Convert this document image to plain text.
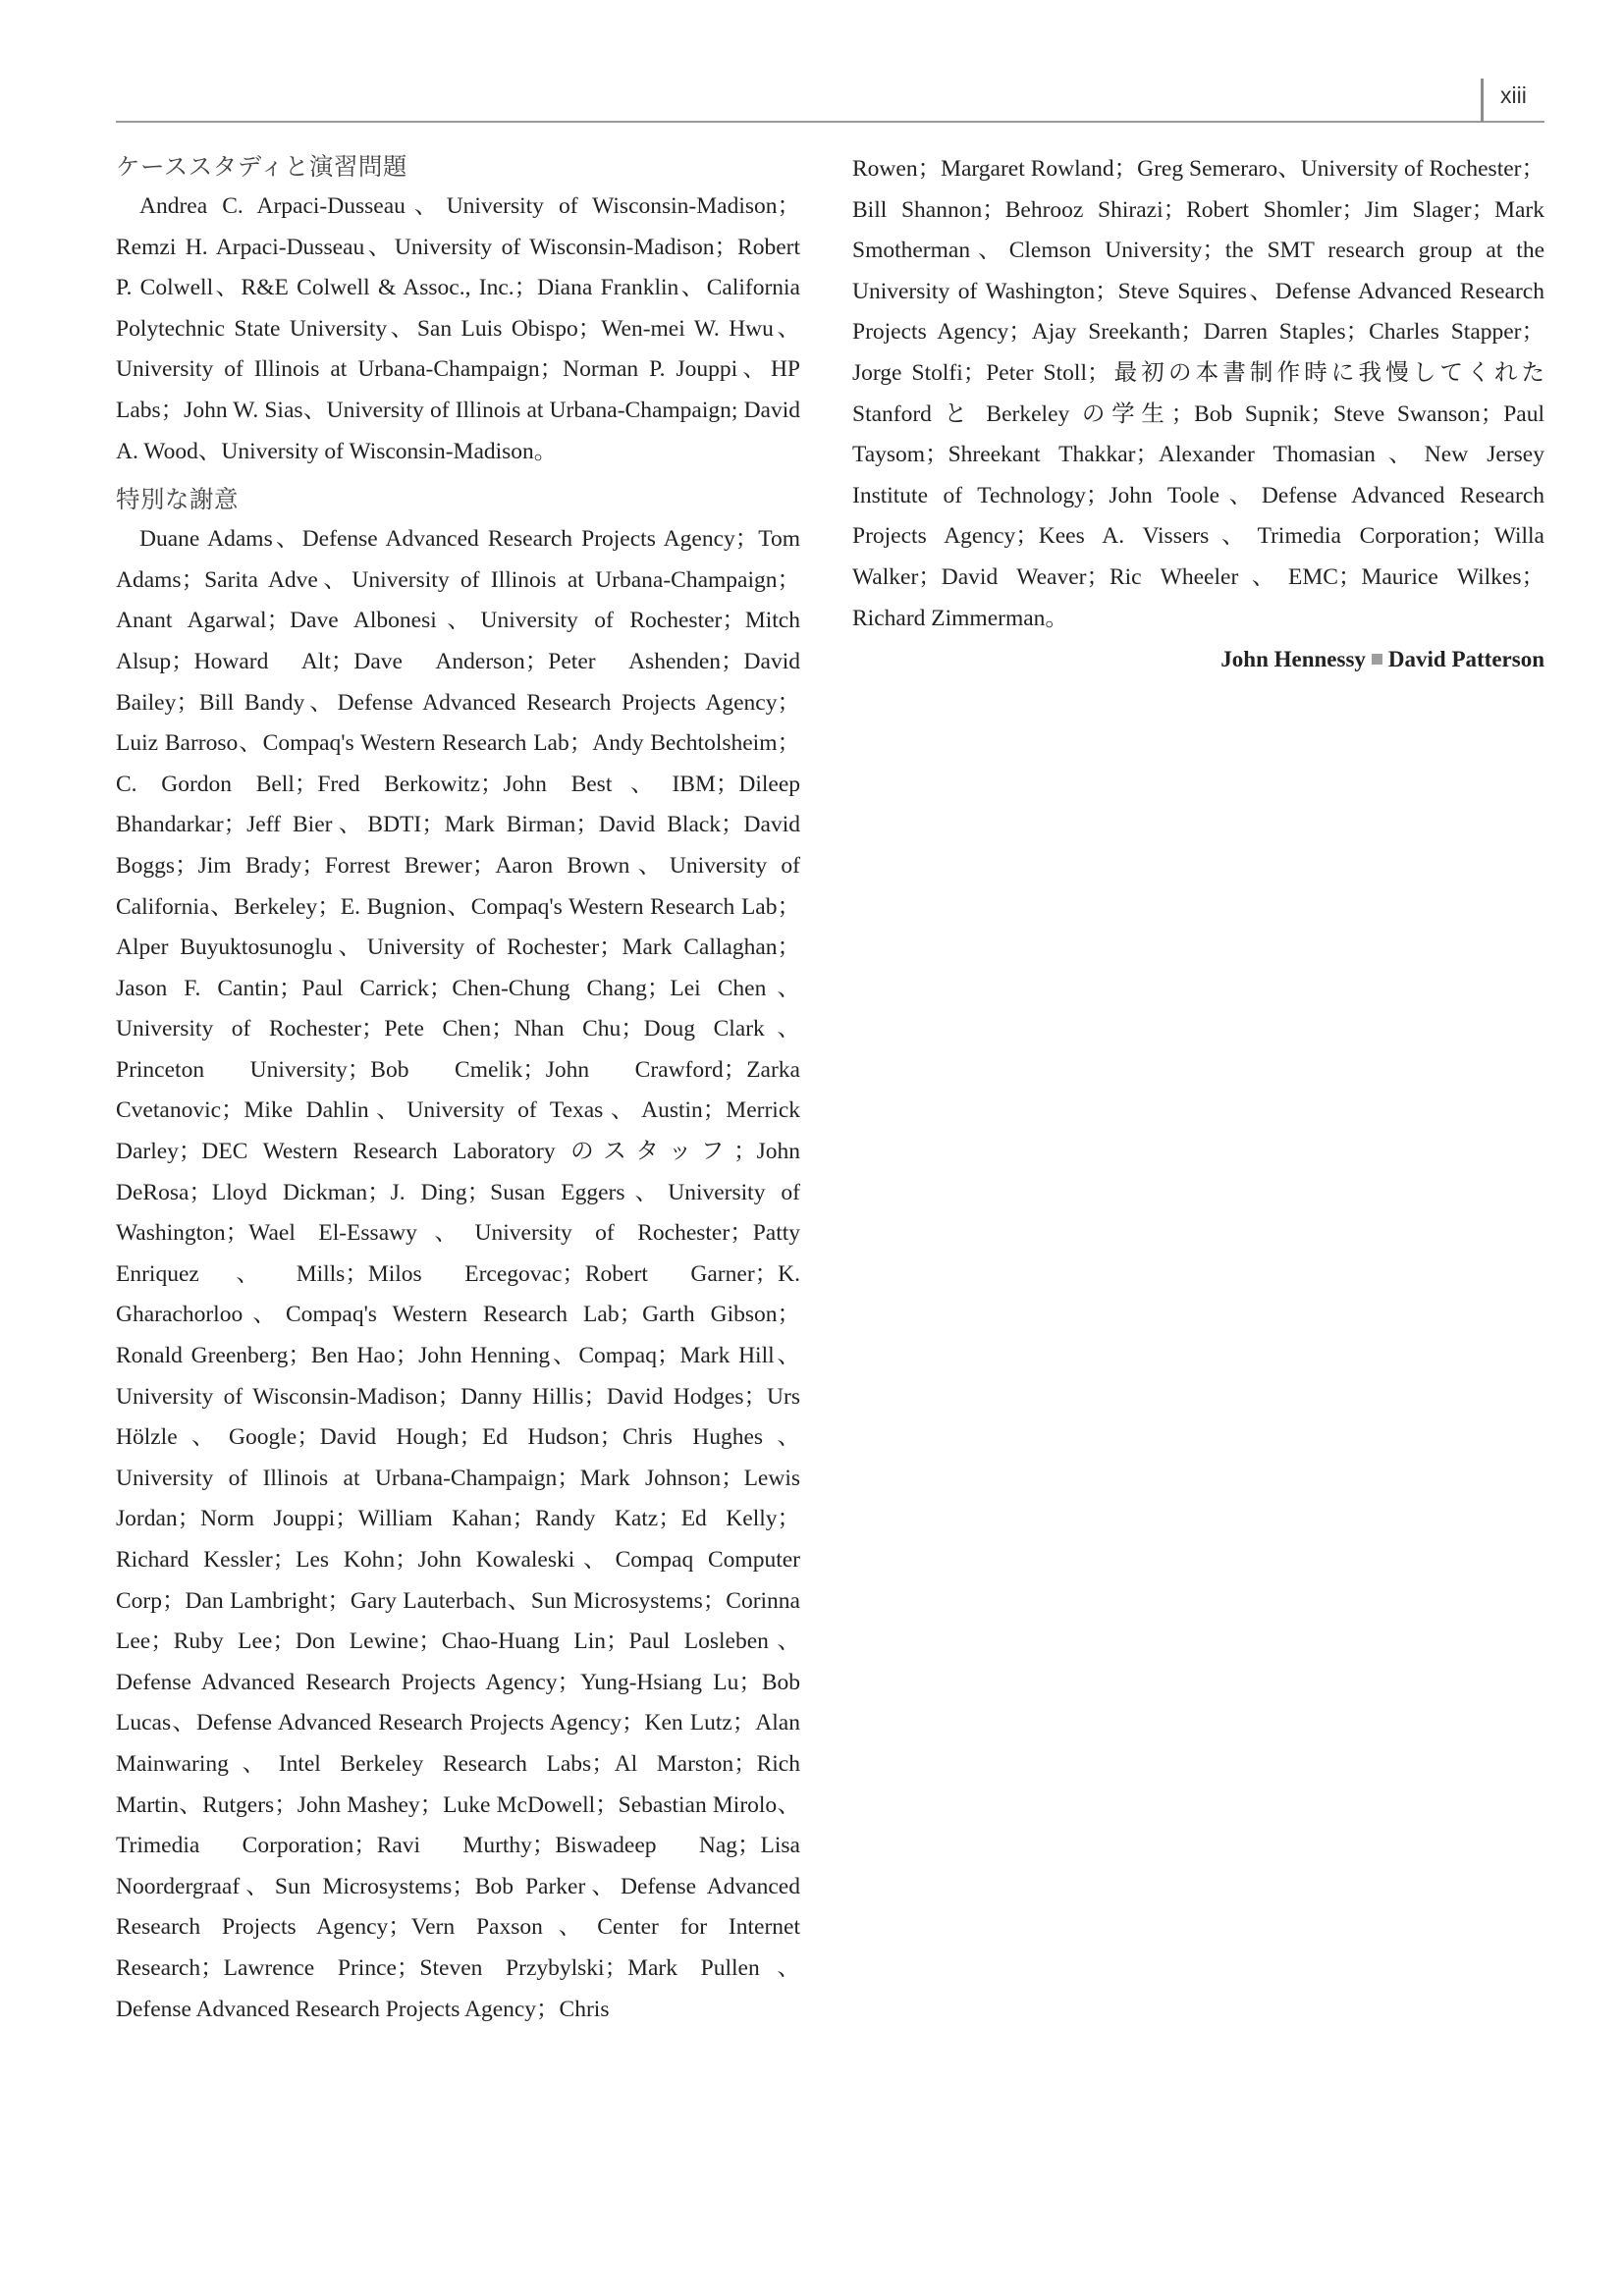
xiii
ケーススタディと演習問題

Andrea C. Arpaci-Dusseau、University of Wisconsin-Madison；Remzi H. Arpaci-Dusseau、University of Wisconsin-Madison；Robert P. Colwell、R&E Colwell & Assoc., Inc.；Diana Franklin、California Polytechnic State University、San Luis Obispo；Wen-mei W. Hwu、University of Illinois at Urbana-Champaign；Norman P. Jouppi、HP Labs；John W. Sias、University of Illinois at Urbana-Champaign; David A. Wood、University of Wisconsin-Madison。

特別な謝意

Duane Adams、Defense Advanced Research Projects Agency；Tom Adams；Sarita Adve、University of Illinois at Urbana-Champaign；Anant Agarwal；Dave Albonesi、University of Rochester；Mitch Alsup；Howard Alt；Dave Anderson；Peter Ashenden；David Bailey；Bill Bandy、Defense Advanced Research Projects Agency；Luiz Barroso、Compaq's Western Research Lab；Andy Bechtolsheim；C. Gordon Bell；Fred Berkowitz；John Best、IBM；Dileep Bhandarkar；Jeff Bier、BDTI；Mark Birman；David Black；David Boggs；Jim Brady；Forrest Brewer；Aaron Brown、University of California、Berkeley；E. Bugnion、Compaq's Western Research Lab；Alper Buyuktosunoglu、University of Rochester；Mark Callaghan；Jason F. Cantin；Paul Carrick；Chen-Chung Chang；Lei Chen、University of Rochester；Pete Chen；Nhan Chu；Doug Clark、Princeton University；Bob Cmelik；John Crawford；Zarka Cvetanovic；Mike Dahlin、University of Texas、Austin；Merrick Darley；DEC Western Research Laboratory のスタッフ；John DeRosa；Lloyd Dickman；J. Ding；Susan Eggers、University of Washington；Wael El-Essawy、University of Rochester；Patty Enriquez、Mills；Milos Ercegovac；Robert Garner；K. Gharachorloo、Compaq's Western Research Lab；Garth Gibson；Ronald Greenberg；Ben Hao；John Henning、Compaq；Mark Hill、University of Wisconsin-Madison；Danny Hillis；David Hodges；Urs Hölzle、Google；David Hough；Ed Hudson；Chris Hughes、University of Illinois at Urbana-Champaign；Mark Johnson；Lewis Jordan；Norm Jouppi；William Kahan；Randy Katz；Ed Kelly；Richard Kessler；Les Kohn；John Kowaleski、Compaq Computer Corp；Dan Lambright；Gary Lauterbach、Sun Microsystems；Corinna Lee；Ruby Lee；Don Lewine；Chao-Huang Lin；Paul Losleben、Defense Advanced Research Projects Agency；Yung-Hsiang Lu；Bob Lucas、Defense Advanced Research Projects Agency；Ken Lutz；Alan Mainwaring、Intel Berkeley Research Labs；Al Marston；Rich Martin、Rutgers；John Mashey；Luke McDowell；Sebastian Mirolo、Trimedia Corporation；Ravi Murthy；Biswadeep Nag；Lisa Noordergraaf、Sun Microsystems；Bob Parker、Defense Advanced Research Projects Agency；Vern Paxson、Center for Internet Research；Lawrence Prince；Steven Przybylski；Mark Pullen、Defense Advanced Research Projects Agency；Chris

Rowen；Margaret Rowland；Greg Semeraro、University of Rochester；Bill Shannon；Behrooz Shirazi；Robert Shomler；Jim Slager；Mark Smotherman、Clemson University；the SMT research group at the University of Washington；Steve Squires、Defense Advanced Research Projects Agency；Ajay Sreekanth；Darren Staples；Charles Stapper；Jorge Stolfi；Peter Stoll；最初の本書制作時に我慢してくれた Stanford と Berkeley の学生；Bob Supnik；Steve Swanson；Paul Taysom；Shreekant Thakkar；Alexander Thomasian、New Jersey Institute of Technology；John Toole、Defense Advanced Research Projects Agency；Kees A. Vissers、Trimedia Corporation；Willa Walker；David Weaver；Ric Wheeler、EMC；Maurice Wilkes；Richard Zimmerman。

John Hennessy David Patterson
